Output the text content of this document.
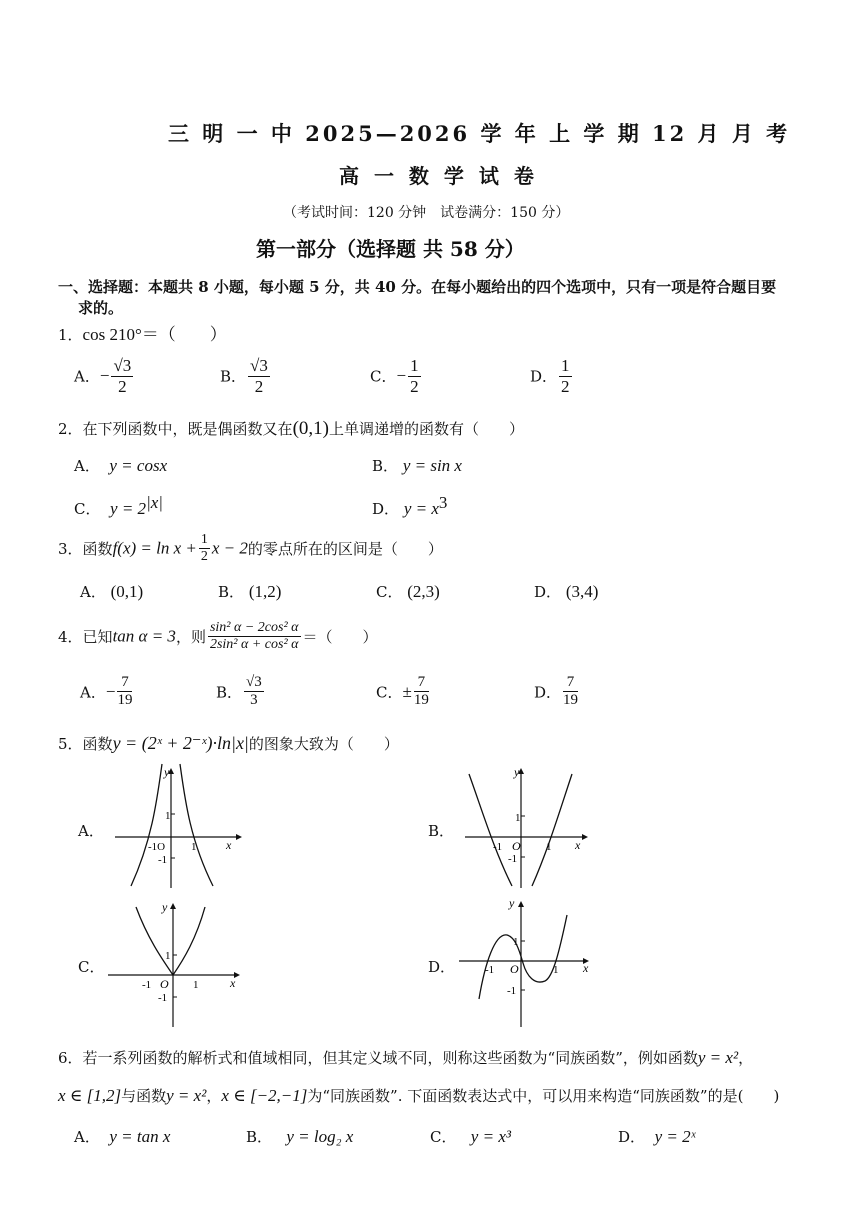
三 明 一 中 2025—2026 学 年 上 学 期 12 月 月 考
高 一 数 学 试 卷
（考试时间：120 分钟　试卷满分：150 分）
第一部分（选择题 共 58 分）
一、选择题：本题共 8 小题，每小题 5 分，共 40 分。在每小题给出的四个选项中，只有一项是符合题目要
求的。
1．cos 210°＝（　　）
A．− $\frac{√3}{2}$	B． $\frac{√3}{2}$	C．− $\frac{1}{2}$	D． $\frac{1}{2}$
2．在下列函数中，既是偶函数又在(0,1)上单调递增的函数有（　　）
A． y = cosx	B． y = sin x
C． $y = 2^{|x|}$	D． $y = x^3$
3．函数$f(x) = \ln x + \frac{1}{2}$ x − 2的零点所在的区间是（　　）
A． (0,1)	B． (1,2)	C． (2,3)	D． (3,4)
4．已知tan α = 3，则 $\frac{\text{sin² α − 2cos² α}}{\text{2sin² α + cos² α}}$ ＝（　　）
A．− $\frac{7}{19}$	B． $\frac{√3}{3}$	C．± $\frac{7}{19}$	D． $\frac{7}{19}$
5．函数y = (2ˣ + 2⁻ˣ)·ln|x|的图象大致为（　　）
A．
y
x
1
-1
-1O 1
B．
y
x
1
-1
-1 O 1
C．
y
x
1
-1
-1 O 1
D．
y
x
1
-1
-1 O	1
6．若一系列函数的解析式和值域相同，但其定义域不同，则称这些函数为“同族函数”，例如函数y = x²，
x ∈ [1,2]与函数y = x²，x ∈ [−2,−1]为“同族函数”. 下面函数表达式中，可以用来构造“同族函数”的是(　　)
A． y = tan x	B． y = log₂ x	C． y = x³	D． y = 2ˣ
